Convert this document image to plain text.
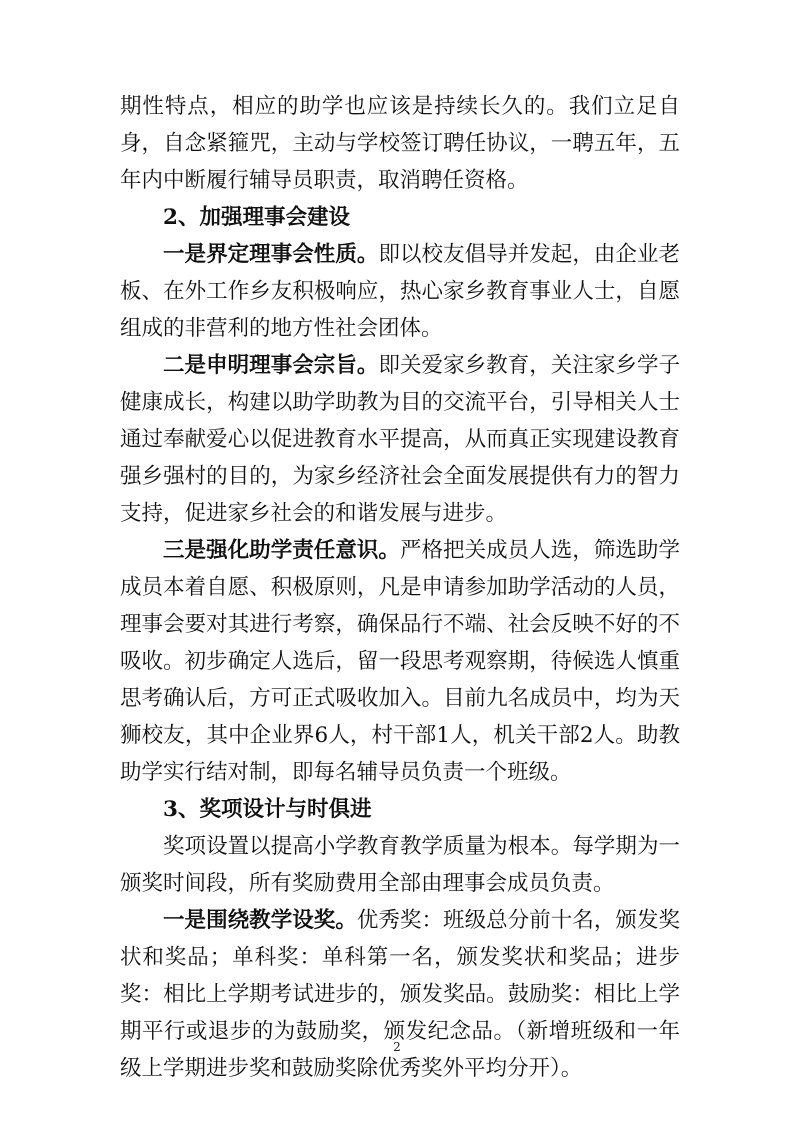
期性特点，相应的助学也应该是持续长久的。我们立足自身，自念紧箍咒，主动与学校签订聘任协议，一聘五年，五年内中断履行辅导员职责，取消聘任资格。

2、加强理事会建设

一是界定理事会性质。即以校友倡导并发起，由企业老板、在外工作乡友积极响应，热心家乡教育事业人士，自愿组成的非营利的地方性社会团体。

二是申明理事会宗旨。即关爱家乡教育，关注家乡学子健康成长，构建以助学助教为目的交流平台，引导相关人士通过奉献爱心以促进教育水平提高，从而真正实现建设教育强乡强村的目的，为家乡经济社会全面发展提供有力的智力支持，促进家乡社会的和谐发展与进步。

三是强化助学责任意识。严格把关成员人选，筛选助学成员本着自愿、积极原则，凡是申请参加助学活动的人员，理事会要对其进行考察，确保品行不端、社会反映不好的不吸收。初步确定人选后，留一段思考观察期，待候选人慎重思考确认后，方可正式吸收加入。目前九名成员中，均为天狮校友，其中企业界6人，村干部1人，机关干部2人。助教助学实行结对制，即每名辅导员负责一个班级。

3、奖项设计与时俱进

奖项设置以提高小学教育教学质量为根本。每学期为一颁奖时间段，所有奖励费用全部由理事会成员负责。

一是围绕教学设奖。优秀奖：班级总分前十名，颁发奖状和奖品；单科奖：单科第一名，颁发奖状和奖品；进步奖：相比上学期考试进步的，颁发奖品。鼓励奖：相比上学期平行或退步的为鼓励奖，颁发纪念品。（新增班级和一年级上学期进步奖和鼓励奖除优秀奖外平均分开）。

2
